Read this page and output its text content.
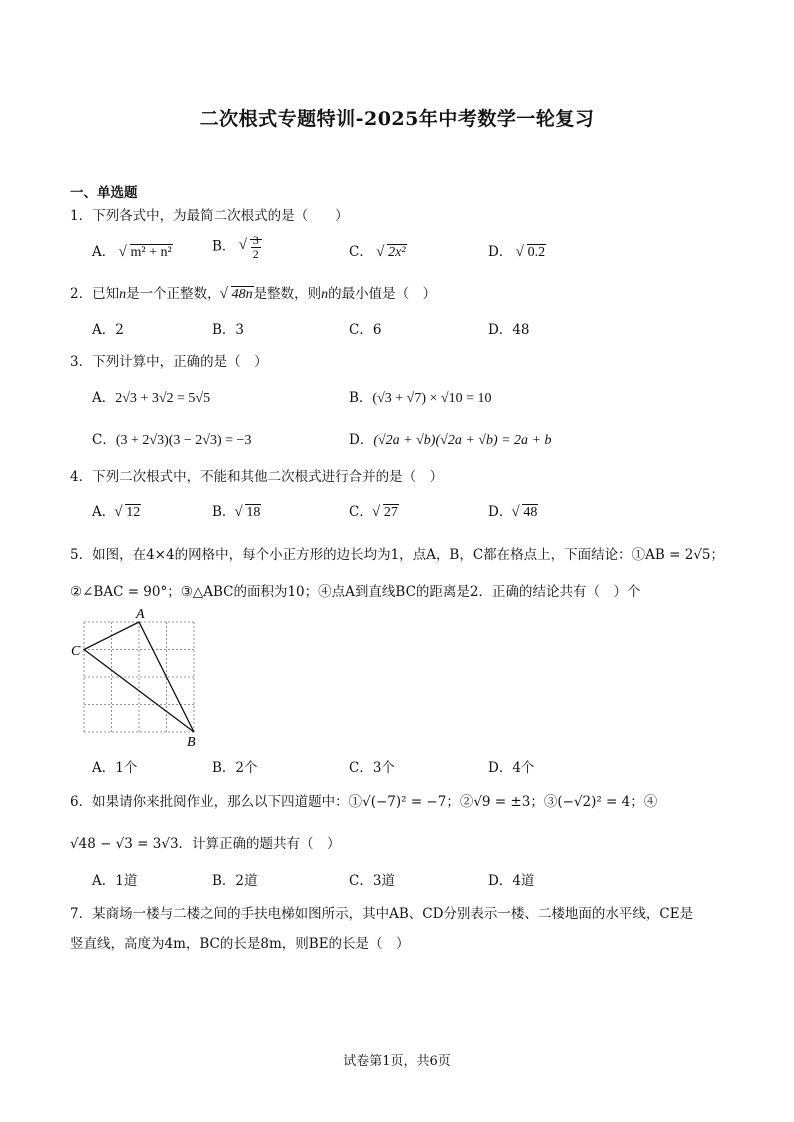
二次根式专题特训-2025年中考数学一轮复习
一、单选题
1．下列各式中，为最简二次根式的是（　　）
A． √ m² + n²	B． √ $\frac{3}{2}$	C． √ 2x²	D． √ 0.2
2．已知n是一个正整数， √ 48n是整数，则n的最小值是（　）
A．2	B．3	C．6	D．48
3．下列计算中，正确的是（　）
A．2√3 + 3√2 = 5√5	B．(√3 + √7) × √10 = 10
C．(3 + 2√3)(3 − 2√3) = −3	D．(√2a + √b)(√2a + √b) = 2a + b
4．下列二次根式中，不能和其他二次根式进行合并的是（　）
A． √ 12	B． √ 18	C． √ 27	D． √ 48
5．如图，在4×4的网格中，每个小正方形的边长均为1，点A，B，C都在格点上，下面结论：①AB = 2√5；
②∠BAC = 90°；③△ABC的面积为10；④点A到直线BC的距离是2．正确的结论共有（　）个
A
C
B
A．1个	B．2个	C．3个	D．4个
6．如果请你来批阅作业，那么以下四道题中：①√(−7)² = −7；②√9 = ±3；③(−√2)² = 4；④
√48 − √3 = 3√3．计算正确的题共有（　）
A．1道	B．2道	C．3道	D．4道
7．某商场一楼与二楼之间的手扶电梯如图所示，其中AB、CD分别表示一楼、二楼地面的水平线，CE是
竖直线，高度为4m，BC的长是8m，则BE的长是（　）
试卷第1页，共6页
